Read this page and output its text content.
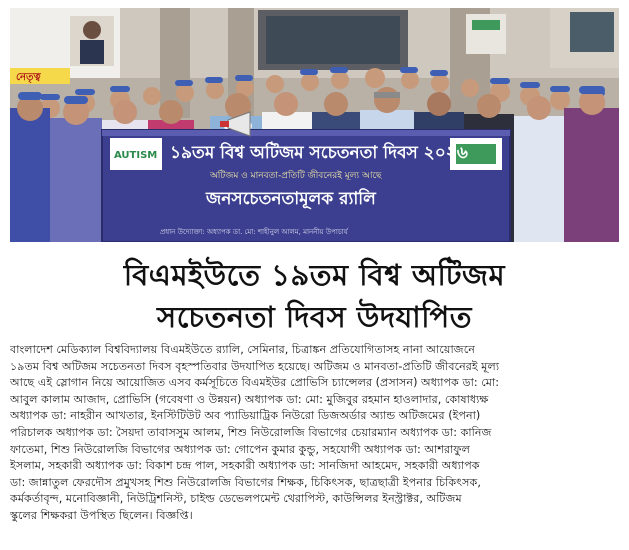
নেতৃত্ব
AUTISM ১৯তম বিশ্ব অটিজম সচেতনতা দিবস ২০২৬
অটিজম ও মানবতা-প্রতিটি জীবনেরই মূল্য আছে
জনসচেতনতামূলক র‍্যালি
প্রধান উদ্যোক্তা: অধ্যাপক ডা. মো: শাহীনুল আলম, মাননীয় উপাচার্য
বিএমইউতে ১৯তম বিশ্ব অটিজম
সচেতনতা দিবস উদযাপিত
বাংলাদেশ মেডিক্যাল বিশ্ববিদ্যালয় বিএমইউতে র‍্যালি, সেমিনার, চিত্রাঙ্কন প্রতিযোগিতাসহ নানা আয়োজনে
১৯তম বিশ্ব অটিজম সচেতনতা দিবস বৃহস্পতিবার উদযাপিত হয়েছে। অটিজম ও মানবতা-প্রতিটি জীবনেরই মূল্য
আছে এই স্লোগান নিয়ে আয়োজিত এসব কর্মসূচিতে বিএমইউর প্রোভিসি চ্যান্সেলর (প্রসাসন) অধ্যাপক ডা: মো:
আবুল কালাম আজাদ, প্রোভিসি (গবেষণা ও উন্নয়ন) অধ্যাপক ডা: মো: মুজিবুর রহমান হাওলাদার, কোষাধ্যক্ষ
অধ্যাপক ডা: নাহরীন আখতার, ইনস্টিটিউট অব প্যাডিয়াট্রিক নিউরো ডিজঅর্ডার অ্যান্ড অটিজমের (ইপনা)
পরিচালক অধ্যাপক ডা: সৈয়দা তাবাসসুম আলম, শিশু নিউরোলজি বিভাগের চেয়ারম্যান অধ্যাপক ডা: কানিজ
ফাতেমা, শিশু নিউরোলজি বিভাগের অধ্যাপক ডা: গোপেন কুমার কুন্ডু, সহযোগী অধ্যাপক ডা: আশরাফুল
ইসলাম, সহকারী অধ্যাপক ডা: বিকাশ চন্দ্র পাল, সহকারী অধ্যাপক ডা: সানজিদা আহমেদ, সহকারী অধ্যাপক
ডা: জান্নাতুল ফেরদৌস প্রমুখসহ শিশু নিউরোলজি বিভাগের শিক্ষক, চিকিৎসক, ছাত্রছাত্রী ইপনার চিকিৎসক,
কর্মকর্তাবৃন্দ, মনোবিজ্ঞানী, নিউট্রিশনিস্ট, চাইল্ড ডেভেলপমেন্ট থেরাপিস্ট, কাউন্সিলর ইনস্ট্রাক্টর, অটিজম
স্কুলের শিক্ষকরা উপস্থিত ছিলেন। বিজ্ঞপ্তি।
